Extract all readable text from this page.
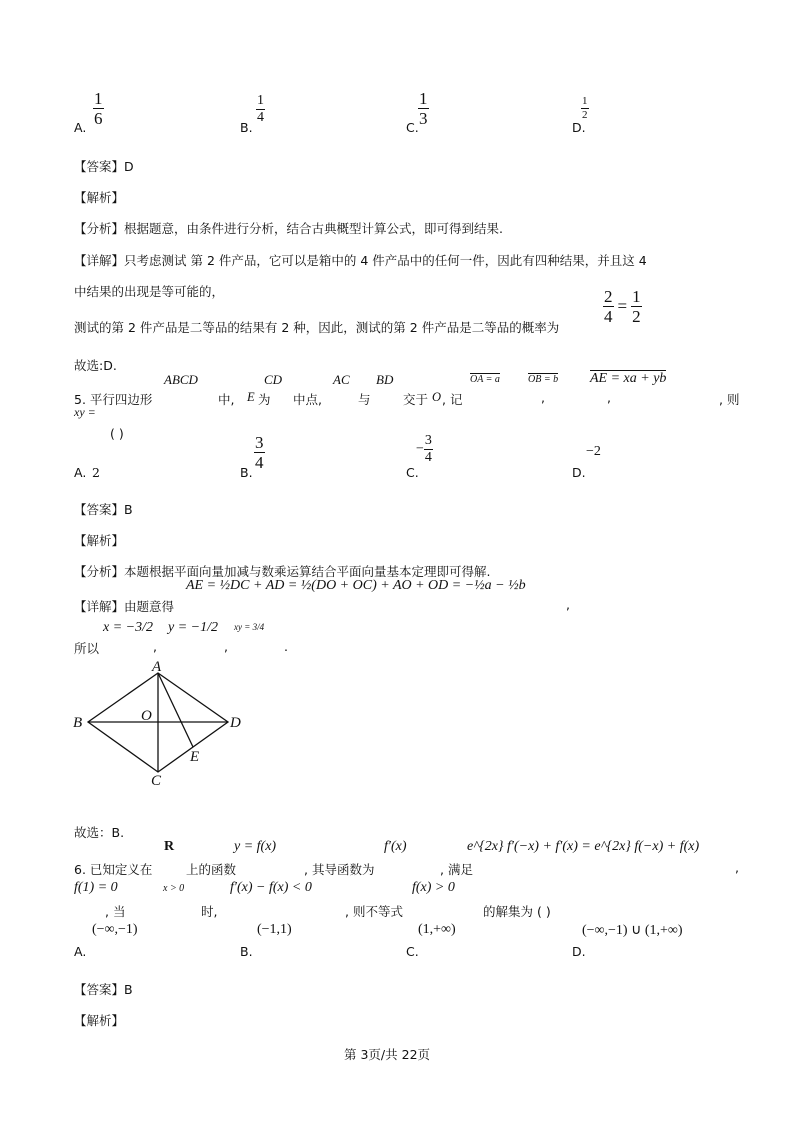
A.
$\frac{1}{6}$
B.
$\frac{1}{4}$
C.
$\frac{1}{3}$
D.
$\frac{1}{2}$
【答案】D
【解析】
【分析】根据题意，由条件进行分析，结合古典概型计算公式，即可得到结果.
【详解】只考虑测试 第 2 件产品，它可以是箱中的 4 件产品中的任何一件，因此有四种结果，并且这 4
中结果的出现是等可能的，
测试的第 2 件产品是二等品的结果有 2 种，因此，测试的第 2 件产品是二等品的概率为
$\frac{2}{4} = \frac{1}{2}$
故选:D.
ABCD	CD	AC BD	OA = a	OB = b AE = xa + yb
5. 平行四边形	中, E 为 中点,	与	交于 O , 记	,	,	, 则
xy =
( )
A. 2	B.
$\frac{3}{4}$
C.
− $\frac{3}{4}$
D.
−2
【答案】B
【解析】
【分析】本题根据平面向量加减与数乘运算结合平面向量基本定理即可得解.
【详解】由题意得
AE = ½DC + AD = ½(DO + OC) + AO + OD = −½a − ½b
,
x = −3/2 y = −1/2 xy = 3/4
所以	,	,	.
A
B
C
D
O
E
故选：B.
R	y = f(x)	f′(x)	e^{2x} f′(−x) + f′(x) = e^{2x} f(−x) + f(x)
6. 已知定义在	上的函数	, 其导函数为	, 满足	,
f(1) = 0	x > 0	f′(x) − f(x) < 0	f(x) > 0
, 当	时,	, 则不等式	的解集为 ( )
(−∞,−1)	(−1,1)	(1,+∞)	(−∞,−1) ∪ (1,+∞)
A.	B.	C.	D.
【答案】B
【解析】
第 3页/共 22页
